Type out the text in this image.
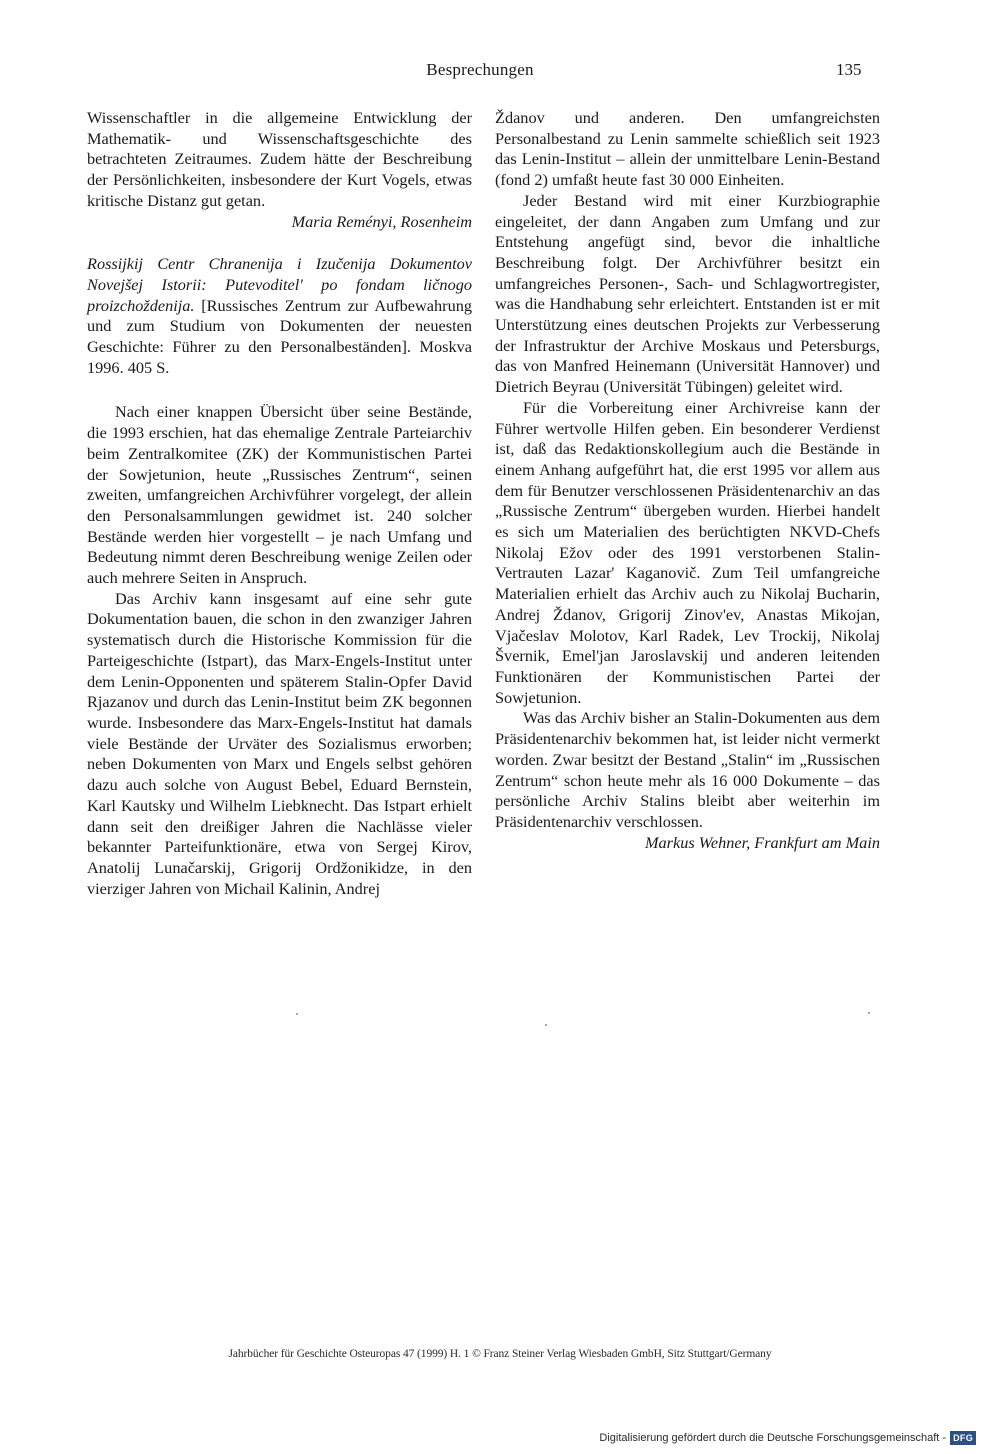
Besprechungen	135

Wissenschaftler in die allgemeine Entwicklung der Mathematik- und Wissenschaftsgeschichte des betrachteten Zeitraumes. Zudem hätte der Beschreibung der Persönlichkeiten, insbesondere der Kurt Vogels, etwas kritische Distanz gut getan.

Maria Reményi, Rosenheim

Rossijkij Centr Chranenija i Izučenija Dokumentov Novejšej Istorii: Putevoditel' po fondam ličnogo proizchoždenija. [Russisches Zentrum zur Aufbewahrung und zum Studium von Dokumenten der neuesten Geschichte: Führer zu den Personalbeständen]. Moskva 1996. 405 S.

Nach einer knappen Übersicht über seine Bestände, die 1993 erschien, hat das ehemalige Zentrale Parteiarchiv beim Zentralkomitee (ZK) der Kommunistischen Partei der Sowjetunion, heute „Russisches Zentrum“, seinen zweiten, umfangreichen Archivführer vorgelegt, der allein den Personalsammlungen gewidmet ist. 240 solcher Bestände werden hier vorgestellt – je nach Umfang und Bedeutung nimmt deren Beschreibung wenige Zeilen oder auch mehrere Seiten in Anspruch.

Das Archiv kann insgesamt auf eine sehr gute Dokumentation bauen, die schon in den zwanziger Jahren systematisch durch die Historische Kommission für die Parteigeschichte (Istpart), das Marx-Engels-Institut unter dem Lenin-Opponenten und späterem Stalin-Opfer David Rjazanov und durch das Lenin-Institut beim ZK begonnen wurde. Insbesondere das Marx-Engels-Institut hat damals viele Bestände der Urväter des Sozialismus erworben; neben Dokumenten von Marx und Engels selbst gehören dazu auch solche von August Bebel, Eduard Bernstein, Karl Kautsky und Wilhelm Liebknecht. Das Istpart erhielt dann seit den dreißiger Jahren die Nachlässe vieler bekannter Parteifunktionäre, etwa von Sergej Kirov, Anatolij Lunačarskij, Grigorij Ordžonikidze, in den vierziger Jahren von Michail Kalinin, Andrej

Ždanov und anderen. Den umfangreichsten Personalbestand zu Lenin sammelte schießlich seit 1923 das Lenin-Institut – allein der unmittelbare Lenin-Bestand (fond 2) umfaßt heute fast 30 000 Einheiten.

Jeder Bestand wird mit einer Kurzbiographie eingeleitet, der dann Angaben zum Umfang und zur Entstehung angefügt sind, bevor die inhaltliche Beschreibung folgt. Der Archivführer besitzt ein umfangreiches Personen-, Sach- und Schlagwortregister, was die Handhabung sehr erleichtert. Entstanden ist er mit Unterstützung eines deutschen Projekts zur Verbesserung der Infrastruktur der Archive Moskaus und Petersburgs, das von Manfred Heinemann (Universität Hannover) und Dietrich Beyrau (Universität Tübingen) geleitet wird.

Für die Vorbereitung einer Archivreise kann der Führer wertvolle Hilfen geben. Ein besonderer Verdienst ist, daß das Redaktionskollegium auch die Bestände in einem Anhang aufgeführt hat, die erst 1995 vor allem aus dem für Benutzer verschlossenen Präsidentenarchiv an das „Russische Zentrum“ übergeben wurden. Hierbei handelt es sich um Materialien des berüchtigten NKVD-Chefs Nikolaj Ežov oder des 1991 verstorbenen Stalin-Vertrauten Lazar' Kaganovič. Zum Teil umfangreiche Materialien erhielt das Archiv auch zu Nikolaj Bucharin, Andrej Ždanov, Grigorij Zinov'ev, Anastas Mikojan, Vjačeslav Molotov, Karl Radek, Lev Trockij, Nikolaj Švernik, Emel'jan Jaroslavskij und anderen leitenden Funktionären der Kommunistischen Partei der Sowjetunion.

Was das Archiv bisher an Stalin-Dokumenten aus dem Präsidentenarchiv bekommen hat, ist leider nicht vermerkt worden. Zwar besitzt der Bestand „Stalin“ im „Russischen Zentrum“ schon heute mehr als 16 000 Dokumente – das persönliche Archiv Stalins bleibt aber weiterhin im Präsidentenarchiv verschlossen.

Markus Wehner, Frankfurt am Main

Jahrbücher für Geschichte Osteuropas 47 (1999) H. 1 © Franz Steiner Verlag Wiesbaden GmbH, Sitz Stuttgart/Germany
Digitalisierung gefördert durch die Deutsche Forschungsgemeinschaft - DFG
